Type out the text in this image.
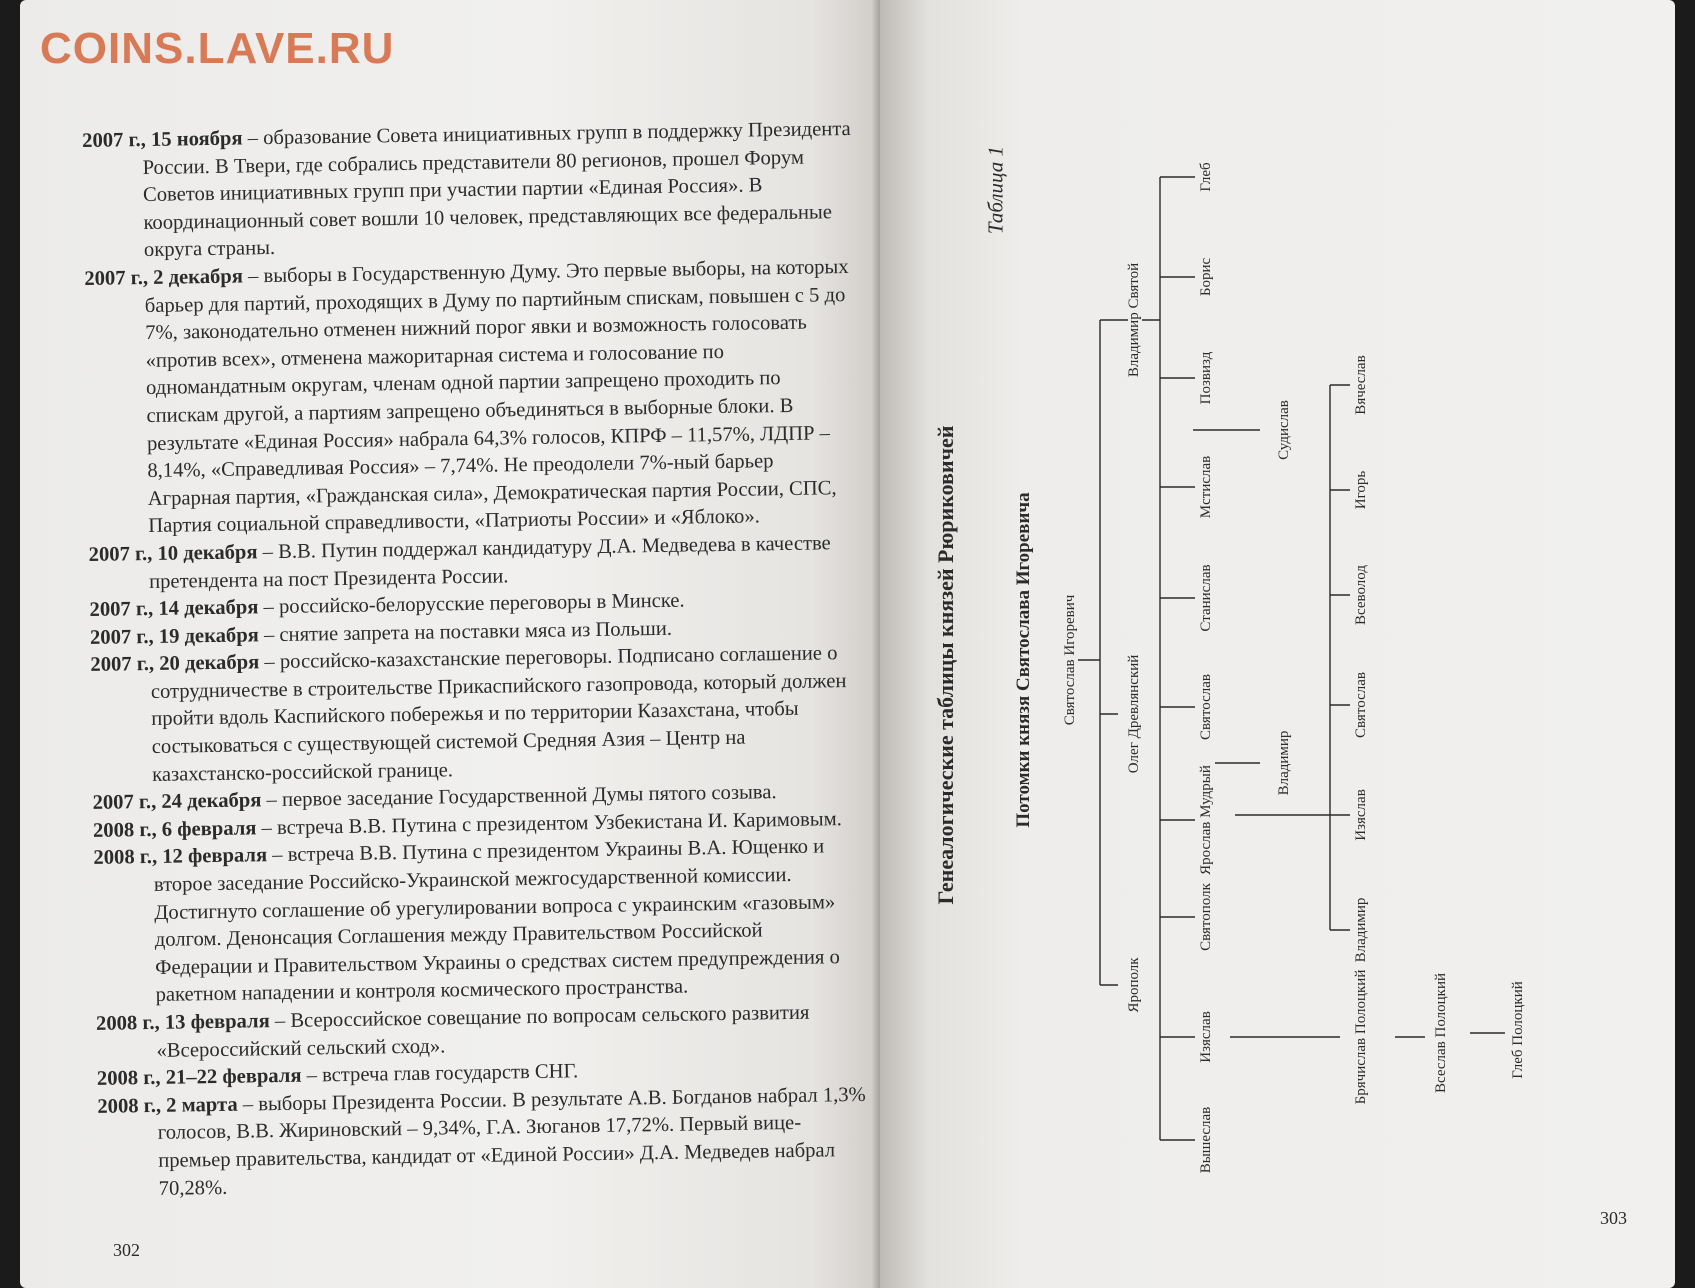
COINS.LAVE.RU

2007 г., 15 ноября – образование Совета инициативных групп в поддержку Президента России. В Твери, где собрались представители 80 регионов, прошел Форум Советов инициативных групп при участии партии «Единая Россия». В координационный совет вошли 10 человек, представляющих все федеральные округа страны.

2007 г., 2 декабря – выборы в Государственную Думу. Это первые выборы, на которых барьер для партий, проходящих в Думу по партийным спискам, повышен с 5 до 7%, законодательно отменен нижний порог явки и возможность голосовать «против всех», отменена мажоритарная система и голосование по одномандатным округам, членам одной партии запрещено проходить по спискам другой, а партиям запрещено объединяться в выборные блоки. В результате «Единая Россия» набрала 64,3% голосов, КПРФ – 11,57%, ЛДПР – 8,14%, «Справедливая Россия» – 7,74%. Не преодолели 7%-ный барьер Аграрная партия, «Гражданская сила», Демократическая партия России, СПС, Партия социальной справедливости, «Патриоты России» и «Яблоко».

2007 г., 10 декабря – В.В. Путин поддержал кандидатуру Д.А. Медведева в качестве претендента на пост Президента России.

2007 г., 14 декабря – российско-белорусские переговоры в Минске.

2007 г., 19 декабря – снятие запрета на поставки мяса из Польши.

2007 г., 20 декабря – российско-казахстанские переговоры. Подписано соглашение о сотрудничестве в строительстве Прикаспийского газопровода, который должен пройти вдоль Каспийского побережья и по территории Казахстана, чтобы состыковаться с существующей системой Средняя Азия – Центр на казахстанско-российской границе.

2007 г., 24 декабря – первое заседание Государственной Думы пятого созыва.

2008 г., 6 февраля – встреча В.В. Путина с президентом Узбекистана И. Каримовым.

2008 г., 12 февраля – встреча В.В. Путина с президентом Украины В.А. Ющенко и второе заседание Российско-Украинской межгосударственной комиссии. Достигнуто соглашение об урегулировании вопроса с украинским «газовым» долгом. Денонсация Соглашения между Правительством Российской Федерации и Правительством Украины о средствах систем предупреждения о ракетном нападении и контроля космического пространства.

2008 г., 13 февраля – Всероссийское совещание по вопросам сельского развития «Всероссийский сельский сход».

2008 г., 21–22 февраля – встреча глав государств СНГ.

2008 г., 2 марта – выборы Президента России. В результате А.В. Богданов набрал 1,3% голосов, В.В. Жириновский – 9,34%, Г.А. Зюганов 17,72%. Первый вице-премьер правительства, кандидат от «Единой России» Д.А. Медведев набрал 70,28%.

302
Генеалогические таблицы князей Рюриковичей
Таблица 1
Потомки князя Святослава Игоревича Святослав Игоревич
Ярополк
Олег Древлянский
Владимир Святой
Вышеслав
Изяслав
Святополк
Ярослав Мудрый
Святослав
Станислав
Мстислав
Позвизд
Судислав
Борис
Глеб
Владимир
Брячислав Полоцкий
Владимир
Изяслав
Святослав
Всеволод
Игорь
Вячеслав
Всеслав Полоцкий	Глеб Полоцкий
303
